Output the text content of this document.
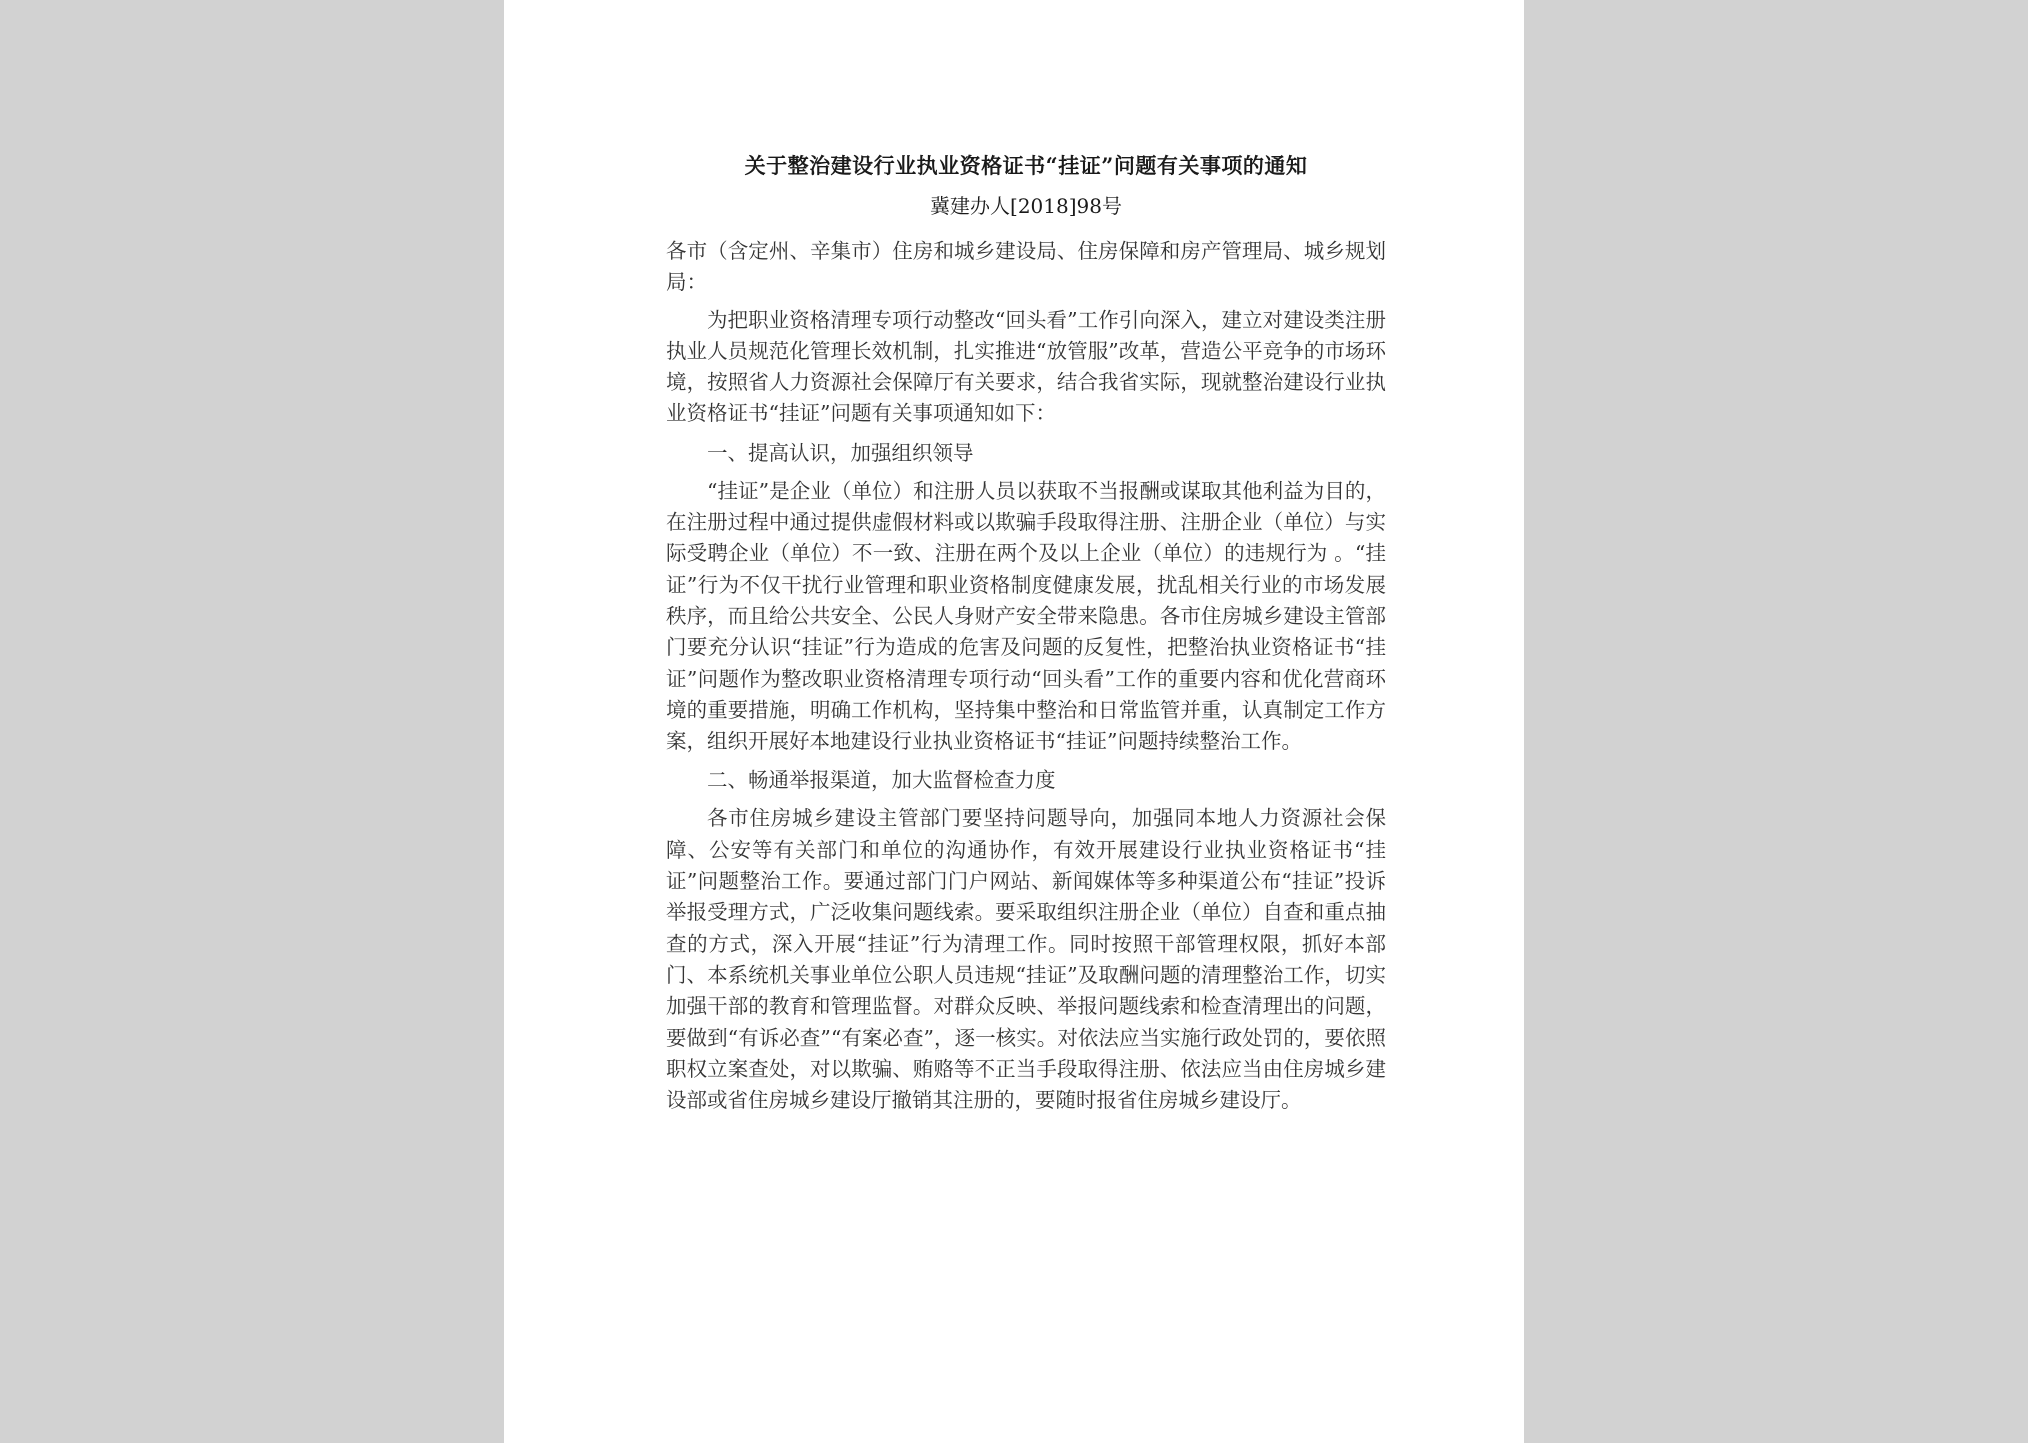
关于整治建设行业执业资格证书“挂证”问题有关事项的通知
冀建办人[2018]98号

各市（含定州、辛集市）住房和城乡建设局、住房保障和房产管理局、城乡规划局：

为把职业资格清理专项行动整改“回头看”工作引向深入，建立对建设类注册执业人员规范化管理长效机制，扎实推进“放管服”改革，营造公平竞争的市场环境，按照省人力资源社会保障厅有关要求，结合我省实际，现就整治建设行业执业资格证书“挂证”问题有关事项通知如下：

一、提高认识，加强组织领导

“挂证”是企业（单位）和注册人员以获取不当报酬或谋取其他利益为目的，在注册过程中通过提供虚假材料或以欺骗手段取得注册、注册企业（单位）与实际受聘企业（单位）不一致、注册在两个及以上企业（单位）的违规行为 。“挂证”行为不仅干扰行业管理和职业资格制度健康发展，扰乱相关行业的市场发展秩序，而且给公共安全、公民人身财产安全带来隐患。各市住房城乡建设主管部门要充分认识“挂证”行为造成的危害及问题的反复性，把整治执业资格证书“挂证”问题作为整改职业资格清理专项行动“回头看”工作的重要内容和优化营商环境的重要措施，明确工作机构，坚持集中整治和日常监管并重，认真制定工作方案，组织开展好本地建设行业执业资格证书“挂证”问题持续整治工作。

二、畅通举报渠道，加大监督检查力度

各市住房城乡建设主管部门要坚持问题导向，加强同本地人力资源社会保障、公安等有关部门和单位的沟通协作，有效开展建设行业执业资格证书“挂证”问题整治工作。要通过部门门户网站、新闻媒体等多种渠道公布“挂证”投诉举报受理方式，广泛收集问题线索。要采取组织注册企业（单位）自查和重点抽查的方式，深入开展“挂证”行为清理工作。同时按照干部管理权限，抓好本部门、本系统机关事业单位公职人员违规“挂证”及取酬问题的清理整治工作，切实加强干部的教育和管理监督。对群众反映、举报问题线索和检查清理出的问题，要做到“有诉必查”“有案必查”，逐一核实。对依法应当实施行政处罚的，要依照职权立案查处，对以欺骗、贿赂等不正当手段取得注册、依法应当由住房城乡建设部或省住房城乡建设厅撤销其注册的，要随时报省住房城乡建设厅。
